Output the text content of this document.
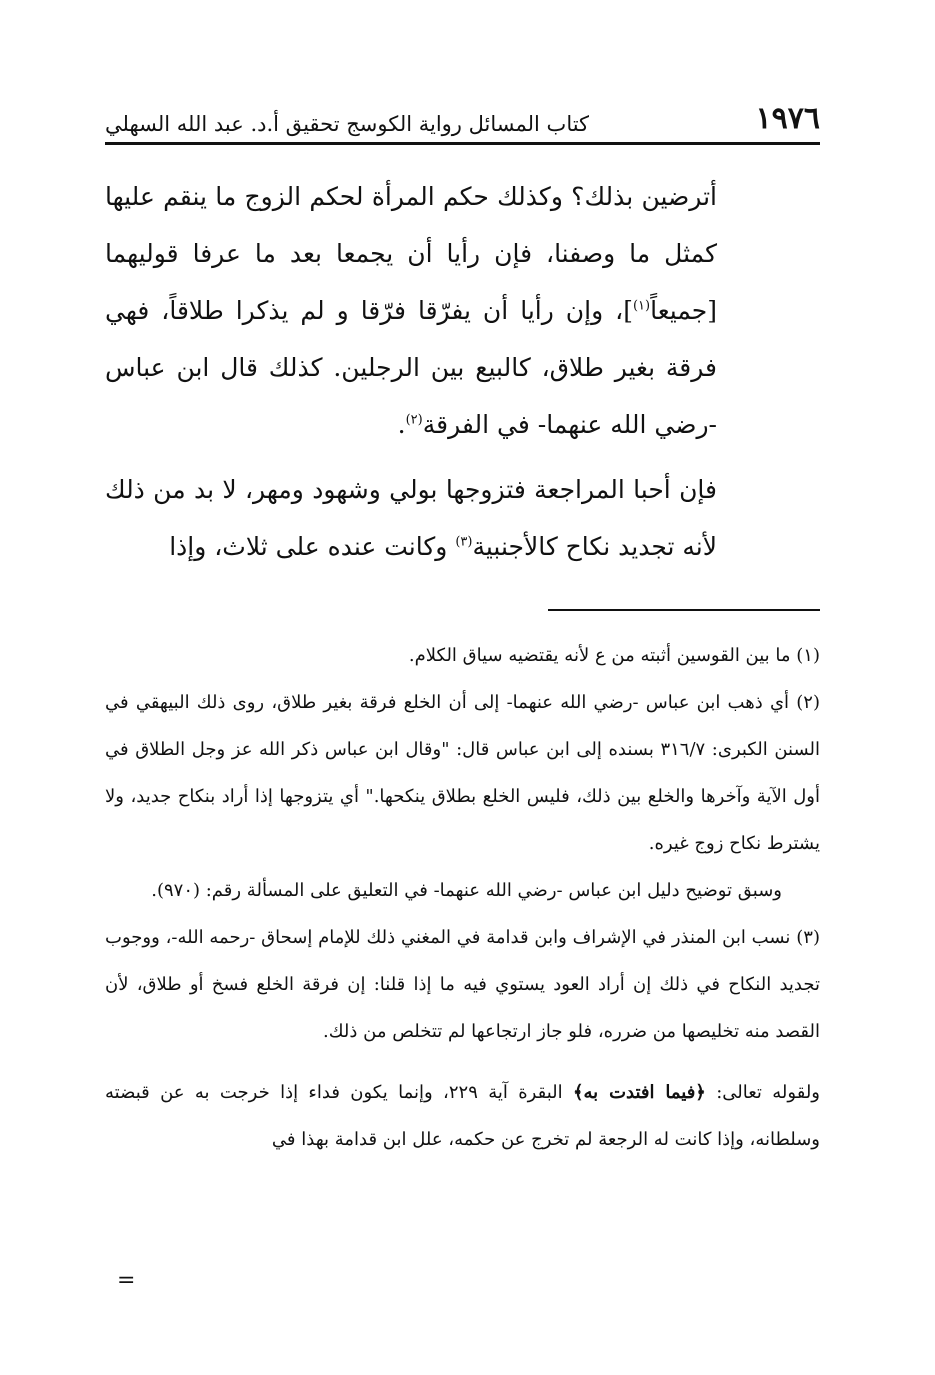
١٩٧٦
كتاب المسائل رواية الكوسج تحقيق أ.د. عبد الله السهلي

أترضين بذلك؟ وكذلك حكم المرأة لحكم الزوج ما ينقم عليها كمثل ما وصفنا، فإن رأيا أن يجمعا بعد ما عرفا قوليهما [جميعاً$^{(١)}$]، وإن رأيا أن يفرّقا فرّقا و لم يذكرا طلاقاً، فهي فرقة بغير طلاق، كالبيع بين الرجلين. كذلك قال ابن عباس -رضي الله عنهما- في الفرقة$^{(٢)}$.

فإن أحبا المراجعة فتزوجها بولي وشهود ومهر، لا بد من ذلك لأنه تجديد نكاح كالأجنبية$^{(٣)}$ وكانت عنده على ثلاث، وإذا

(١) ما بين القوسين أثبته من ع لأنه يقتضيه سياق الكلام.

(٢) أي ذهب ابن عباس -رضي الله عنهما- إلى أن الخلع فرقة بغير طلاق، روى ذلك البيهقي في السنن الكبرى: ٣١٦/٧ بسنده إلى ابن عباس قال: "وقال ابن عباس ذكر الله عز وجل الطلاق في أول الآية وآخرها والخلع بين ذلك، فليس الخلع بطلاق ينكحها." أي يتزوجها إذا أراد بنكاح جديد، ولا يشترط نكاح زوج غيره.

وسبق توضيح دليل ابن عباس -رضي الله عنهما- في التعليق على المسألة رقم: (٩٧٠).

(٣) نسب ابن المنذر في الإشراف وابن قدامة في المغني ذلك للإمام إسحاق -رحمه الله-، ووجوب تجديد النكاح في ذلك إن أراد العود يستوي فيه ما إذا قلنا: إن فرقة الخلع فسخ أو طلاق، لأن القصد منه تخليصها من ضرره، فلو جاز ارتجاعها لم تتخلص من ذلك.

ولقوله تعالى: ﴿فيما افتدت به﴾ البقرة آية ٢٢٩، وإنما يكون فداء إذا خرجت به عن قبضته وسلطانه، وإذا كانت له الرجعة لم تخرج عن حكمه، علل ابن قدامة بهذا في

=
